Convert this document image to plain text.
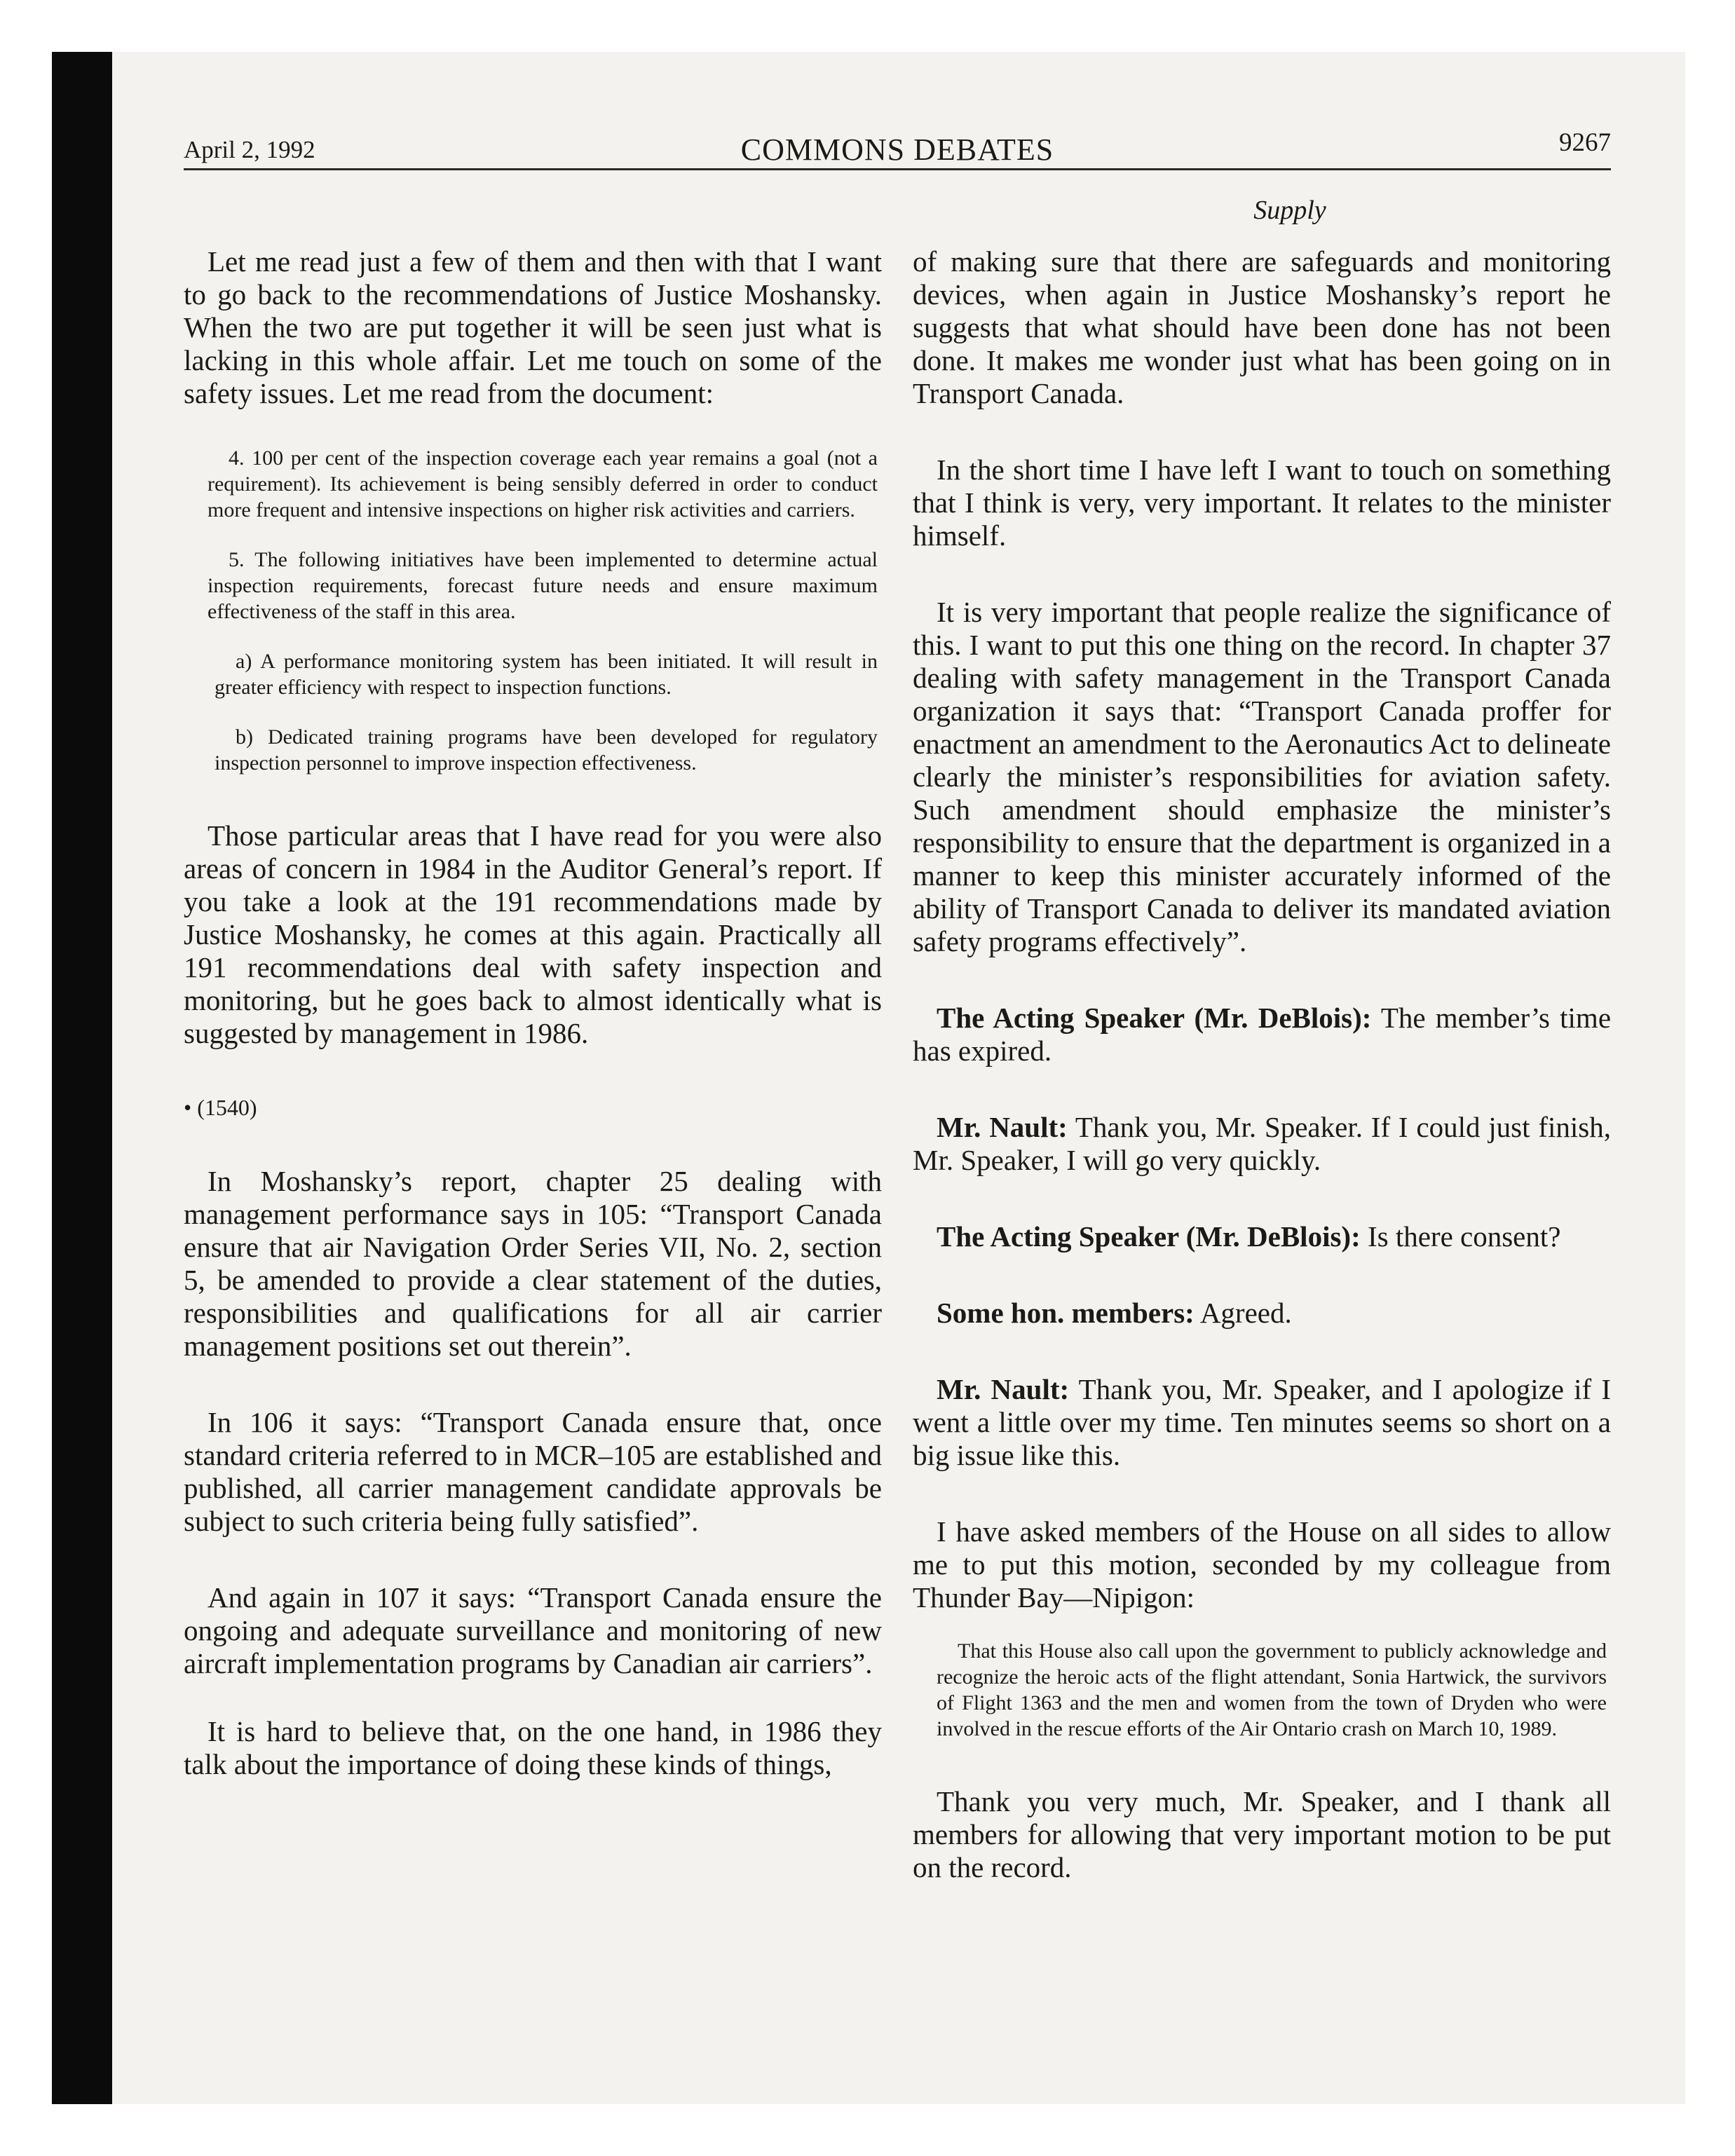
April 2, 1992	COMMONS DEBATES	9267
Supply

Let me read just a few of them and then with that I want to go back to the recommendations of Justice Moshansky. When the two are put together it will be seen just what is lacking in this whole affair. Let me touch on some of the safety issues. Let me read from the document:

4. 100 per cent of the inspection coverage each year remains a goal (not a requirement). Its achievement is being sensibly deferred in order to conduct more frequent and intensive inspections on higher risk activities and carriers.

5. The following initiatives have been implemented to determine actual inspection requirements, forecast future needs and ensure maximum effectiveness of the staff in this area.

a) A performance monitoring system has been initiated. It will result in greater efficiency with respect to inspection functions.

b) Dedicated training programs have been developed for regulatory inspection personnel to improve inspection effectiveness.

Those particular areas that I have read for you were also areas of concern in 1984 in the Auditor General’s report. If you take a look at the 191 recommendations made by Justice Moshansky, he comes at this again. Practically all 191 recommendations deal with safety inspection and monitoring, but he goes back to almost identically what is suggested by management in 1986.

• (1540)

In Moshansky’s report, chapter 25 dealing with management performance says in 105: “Transport Canada ensure that air Navigation Order Series VII, No. 2, section 5, be amended to provide a clear statement of the duties, responsibilities and qualifications for all air carrier management positions set out therein”.

In 106 it says: “Transport Canada ensure that, once standard criteria referred to in MCR–105 are established and published, all carrier management candidate approvals be subject to such criteria being fully satisfied”.

And again in 107 it says: “Transport Canada ensure the ongoing and adequate surveillance and monitoring of new aircraft implementation programs by Canadian air carriers”.

It is hard to believe that, on the one hand, in 1986 they talk about the importance of doing these kinds of things,

of making sure that there are safeguards and monitoring devices, when again in Justice Moshansky’s report he suggests that what should have been done has not been done. It makes me wonder just what has been going on in Transport Canada.

In the short time I have left I want to touch on something that I think is very, very important. It relates to the minister himself.

It is very important that people realize the significance of this. I want to put this one thing on the record. In chapter 37 dealing with safety management in the Transport Canada organization it says that: “Transport Canada proffer for enactment an amendment to the Aeronautics Act to delineate clearly the minister’s responsibilities for aviation safety. Such amendment should emphasize the minister’s responsibility to ensure that the department is organized in a manner to keep this minister accurately informed of the ability of Transport Canada to deliver its mandated aviation safety programs effectively”.

The Acting Speaker (Mr. DeBlois): The member’s time has expired.

Mr. Nault: Thank you, Mr. Speaker. If I could just finish, Mr. Speaker, I will go very quickly.

The Acting Speaker (Mr. DeBlois): Is there consent?

Some hon. members: Agreed.

Mr. Nault: Thank you, Mr. Speaker, and I apologize if I went a little over my time. Ten minutes seems so short on a big issue like this.

I have asked members of the House on all sides to allow me to put this motion, seconded by my colleague from Thunder Bay—Nipigon:

That this House also call upon the government to publicly acknowledge and recognize the heroic acts of the flight attendant, Sonia Hartwick, the survivors of Flight 1363 and the men and women from the town of Dryden who were involved in the rescue efforts of the Air Ontario crash on March 10, 1989.

Thank you very much, Mr. Speaker, and I thank all members for allowing that very important motion to be put on the record.
